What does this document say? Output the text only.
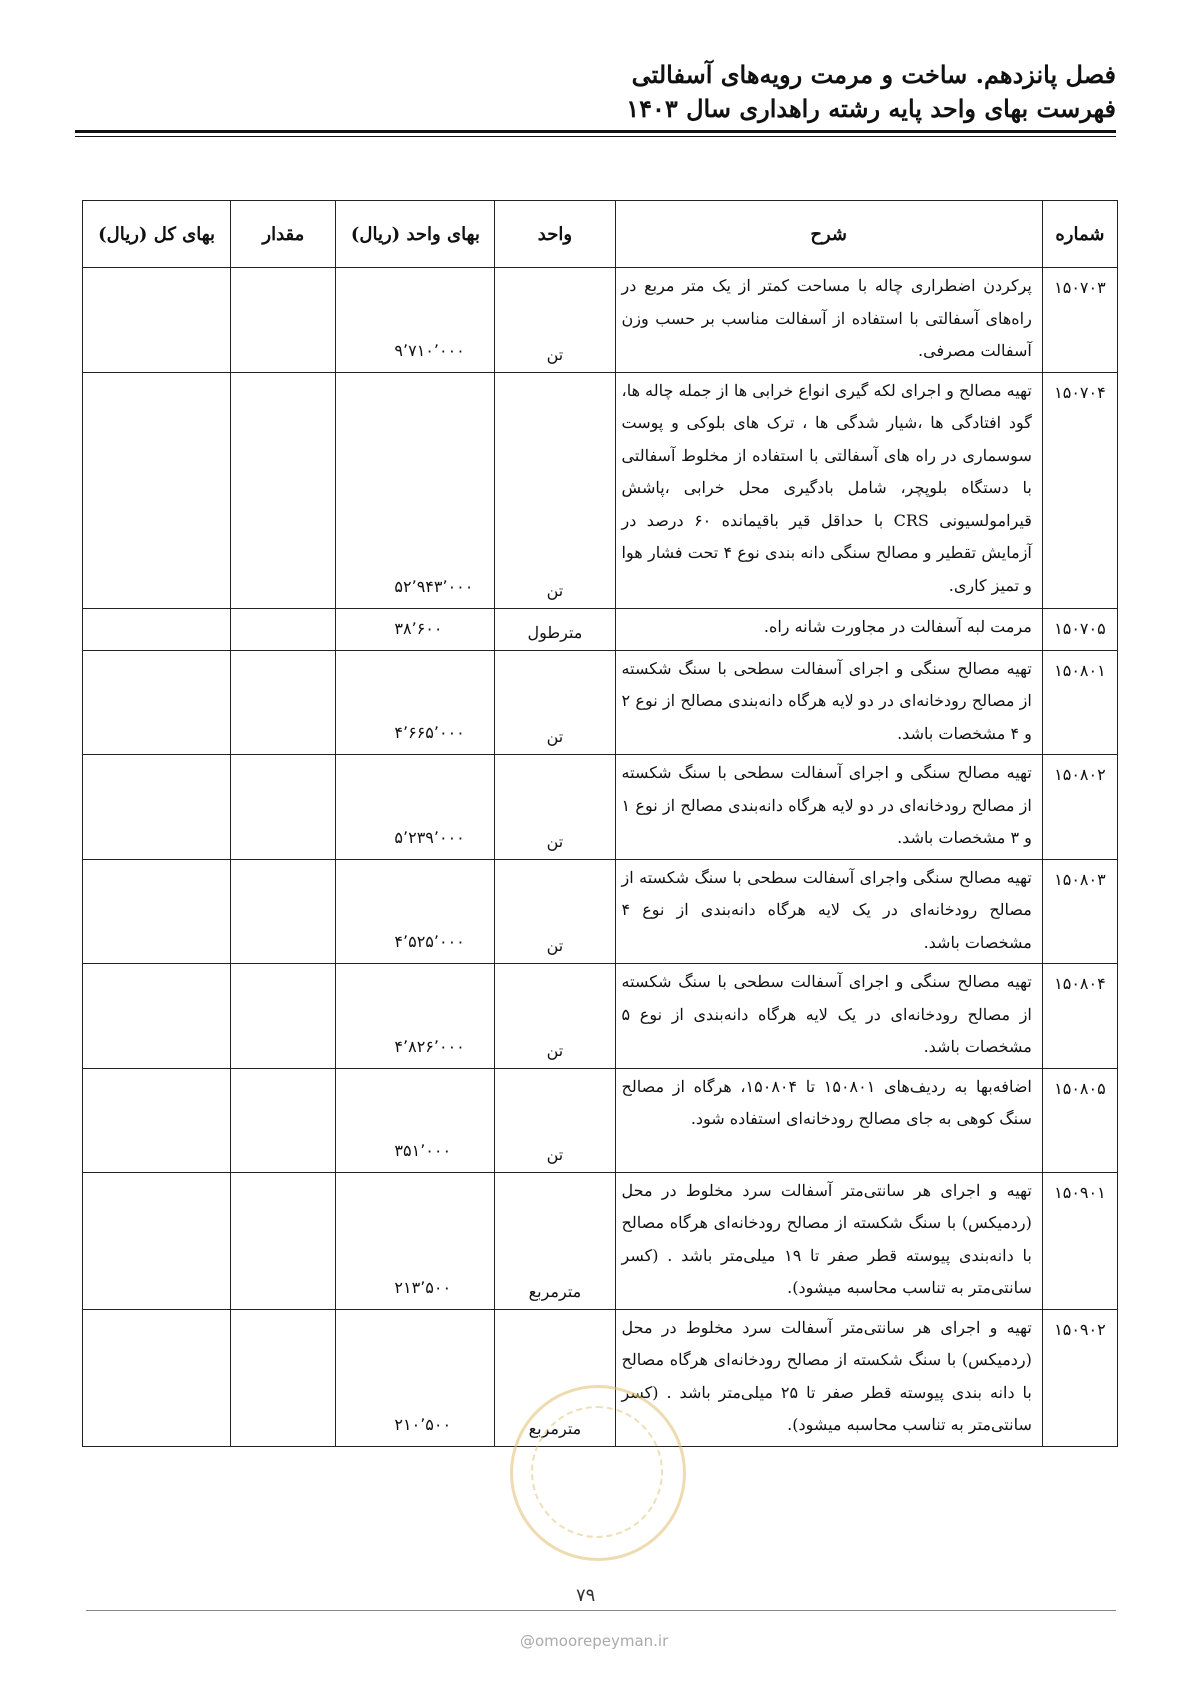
فصل پانزدهم. ساخت و مرمت رویه‌های آسفالتی
فهرست بهای واحد پایه رشته راهداری سال ۱۴۰۳
شماره	شرح	واحد	بهای واحد (ریال)	مقدار	بهای کل (ریال)
۱۵۰۷۰۳	پرکردن اضطراری چاله با مساحت کمتر از یک متر مربع در راه‌های آسفالتی با استفاده از آسفالت مناسب بر حسب وزن آسفالت مصرفی.	تن	۹٬۷۱۰٬۰۰۰		
۱۵۰۷۰۴	تهیه مصالح و اجرای لکه گیری انواع خرابی ها از جمله چاله ها، گود افتادگی ها ،شیار شدگی ها ، ترک های بلوکی و پوست سوسماری در راه های آسفالتی با استفاده از مخلوط آسفالتی با دستگاه بلوپچر، شامل بادگیری محل خرابی ،پاشش قیرامولسیونی CRS با حداقل قیر باقیمانده ۶۰ درصد در آزمایش تقطیر و مصالح سنگی دانه بندی نوع ۴ تحت فشار هوا و تمیز کاری.	تن	۵۲٬۹۴۳٬۰۰۰		
۱۵۰۷۰۵	مرمت لبه آسفالت در مجاورت شانه راه.	مترطول	۳۸٬۶۰۰		
۱۵۰۸۰۱	تهیه مصالح سنگی و اجرای آسفالت سطحی با سنگ شکسته از مصالح رودخانه‌ای در دو لایه هرگاه دانه‌بندی مصالح از نوع ۲ و ۴ مشخصات باشد.	تن	۴٬۶۶۵٬۰۰۰		
۱۵۰۸۰۲	تهیه مصالح سنگی و اجرای آسفالت سطحی با سنگ شکسته از مصالح رودخانه‌ای در دو لایه هرگاه دانه‌بندی مصالح از نوع ۱ و ۳ مشخصات باشد.	تن	۵٬۲۳۹٬۰۰۰		
۱۵۰۸۰۳	تهیه مصالح سنگی واجرای آسفالت سطحی با سنگ شکسته از مصالح رودخانه‌ای در یک لایه هرگاه دانه‌بندی از نوع ۴ مشخصات باشد.	تن	۴٬۵۲۵٬۰۰۰		
۱۵۰۸۰۴	تهیه مصالح سنگی و اجرای آسفالت سطحی با سنگ شکسته از مصالح رودخانه‌ای در یک لایه هرگاه دانه‌بندی از نوع ۵ مشخصات باشد.	تن	۴٬۸۲۶٬۰۰۰		
۱۵۰۸۰۵	اضافه‌بها به ردیف‌های ۱۵۰۸۰۱ تا ۱۵۰۸۰۴، هرگاه از مصالح سنگ کوهی به جای مصالح رودخانه‌ای استفاده شود.	تن	۳۵۱٬۰۰۰		
۱۵۰۹۰۱	تهیه و اجرای هر سانتی‌متر آسفالت سرد مخلوط در محل (ردمیکس) با سنگ شکسته از مصالح رودخانه‌ای هرگاه مصالح با دانه‌بندی پیوسته قطر صفر تا ۱۹ میلی‌متر باشد . (کسر سانتی‌متر به تناسب محاسبه میشود).	مترمربع	۲۱۳٬۵۰۰		
۱۵۰۹۰۲	تهیه و اجرای هر سانتی‌متر آسفالت سرد مخلوط در محل (ردمیکس) با سنگ شکسته از مصالح رودخانه‌ای هرگاه مصالح با دانه بندی پیوسته قطر صفر تا ۲۵ میلی‌متر باشد . (کسر سانتی‌متر به تناسب محاسبه میشود).	مترمربع	۲۱۰٬۵۰۰		
۷۹
@omoorepeyman.ir
